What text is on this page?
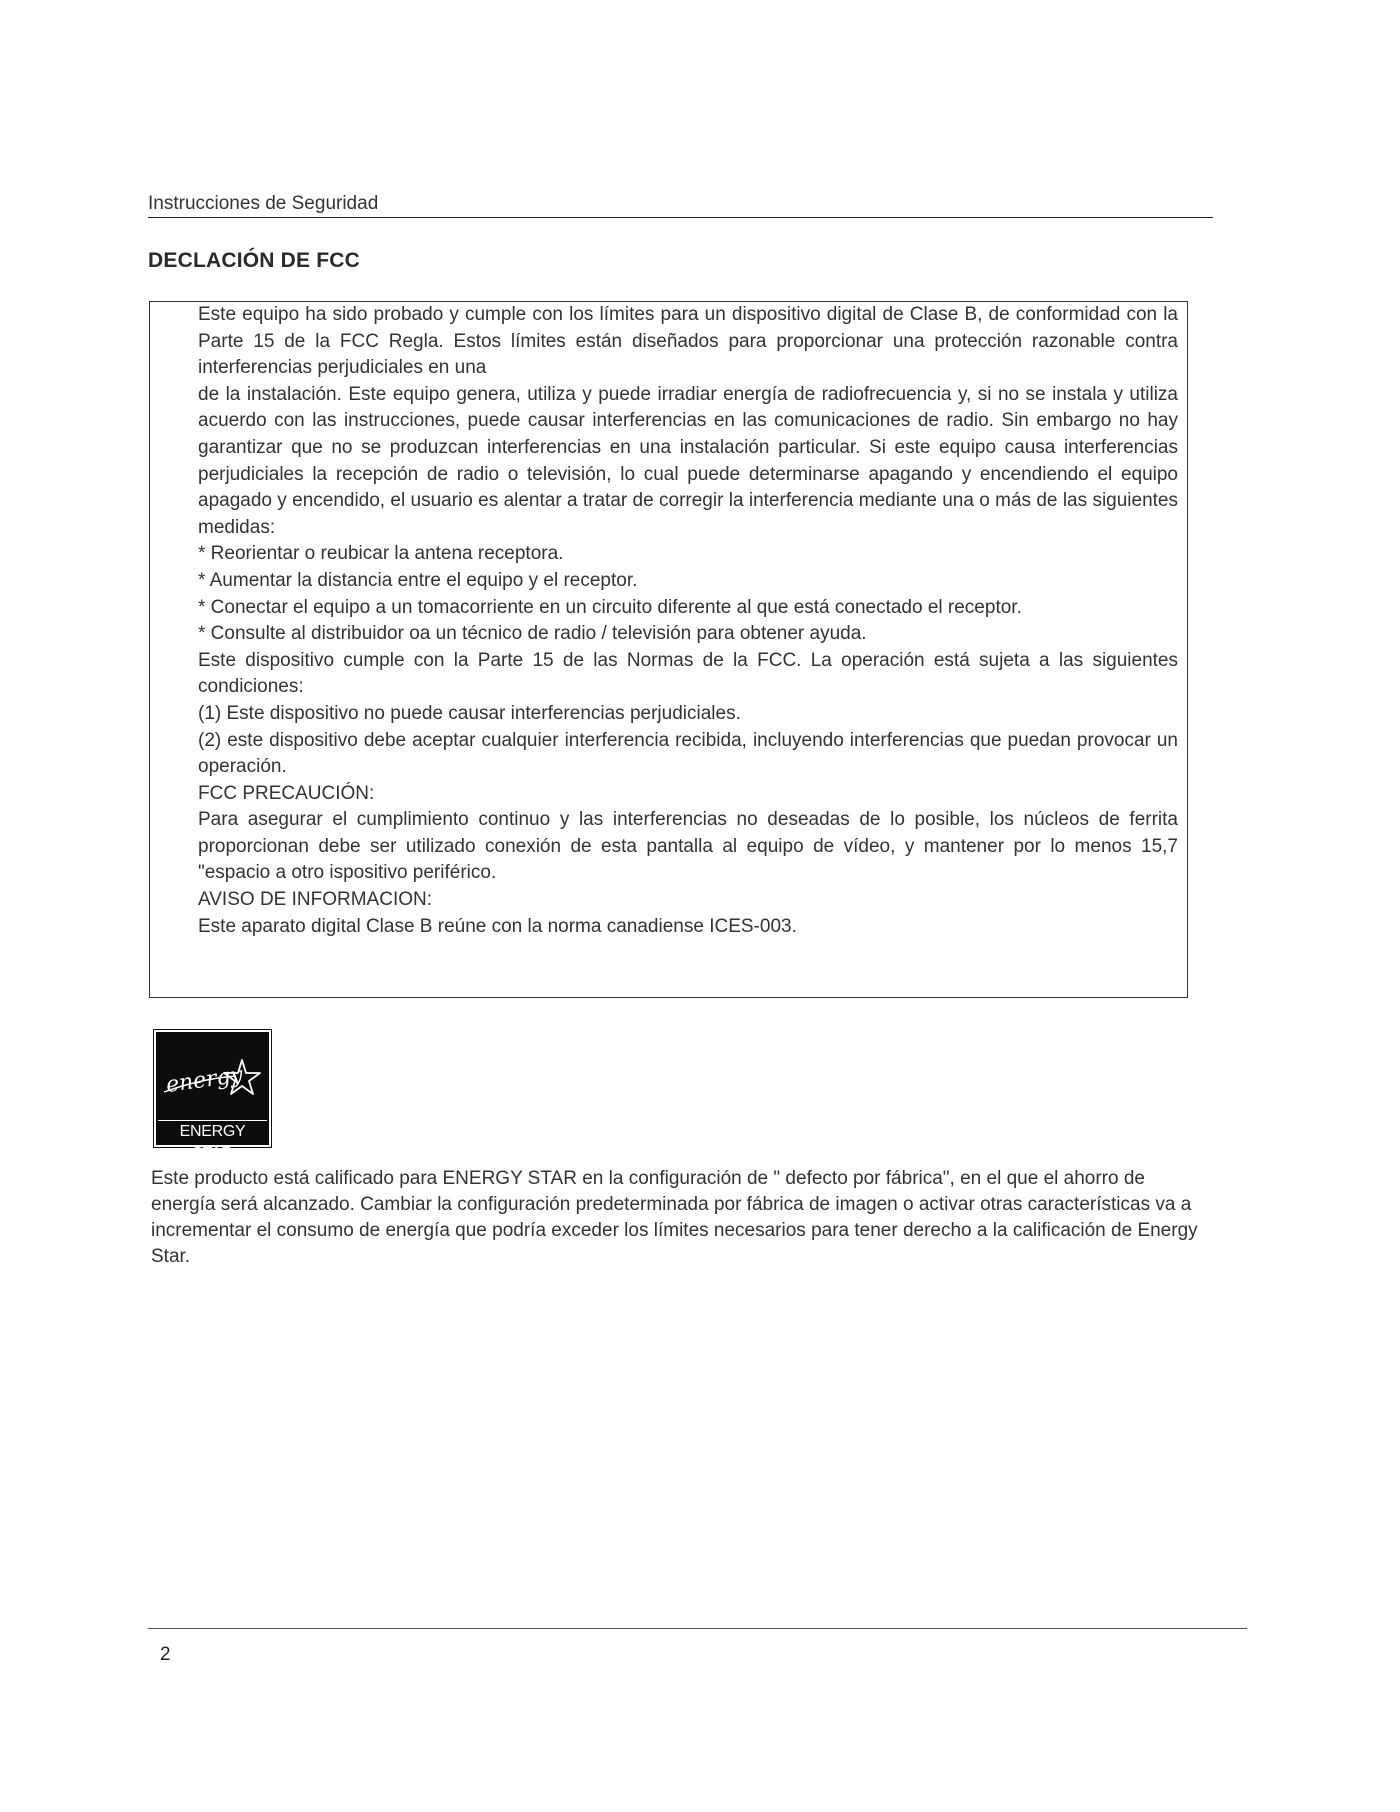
Instrucciones de Seguridad
DECLACIÓN DE FCC

Este equipo ha sido probado y cumple con los límites para un dispositivo digital de Clase B, de conformidad con la Parte 15 de la FCC Regla. Estos límites están diseñados para proporcionar una protección razonable contra interferencias perjudiciales en una

de la instalación. Este equipo genera, utiliza y puede irradiar energía de radiofrecuencia y, si no se instala y utiliza acuerdo con las instrucciones, puede causar interferencias en las comunicaciones de radio. Sin embargo no hay garantizar que no se produzcan interferencias en una instalación particular. Si este equipo causa interferencias perjudiciales la recepción de radio o televisión, lo cual puede determinarse apagando y encendiendo el equipo apagado y encendido, el usuario es alentar a tratar de corregir la interferencia mediante una o más de las siguientes medidas:

* Reorientar o reubicar la antena receptora.

* Aumentar la distancia entre el equipo y el receptor.

* Conectar el equipo a un tomacorriente en un circuito diferente al que está conectado el receptor.

* Consulte al distribuidor oa un técnico de radio / televisión para obtener ayuda.

Este dispositivo cumple con la Parte 15 de las Normas de la FCC. La operación está sujeta a las siguientes condiciones:

(1) Este dispositivo no puede causar interferencias perjudiciales.

(2) este dispositivo debe aceptar cualquier interferencia recibida, incluyendo interferencias que puedan provocar un operación.

FCC PRECAUCIÓN:

Para asegurar el cumplimiento continuo y las interferencias no deseadas de lo posible, los núcleos de ferrita proporcionan debe ser utilizado conexión de esta pantalla al equipo de vídeo, y mantener por lo menos 15,7 "espacio a otro ispositivo periférico.

AVISO DE INFORMACION:

Este aparato digital Clase B reúne con la norma canadiense ICES-003.

energy
ENERGY STAR

Este producto está calificado para ENERGY STAR en la configuración de " defecto por fábrica", en el que el ahorro de energía será alcanzado. Cambiar la configuración predeterminada por fábrica de imagen o activar otras características va a incrementar el consumo de energía que podría exceder los límites necesarios para tener derecho a la calificación de Energy Star.

2
